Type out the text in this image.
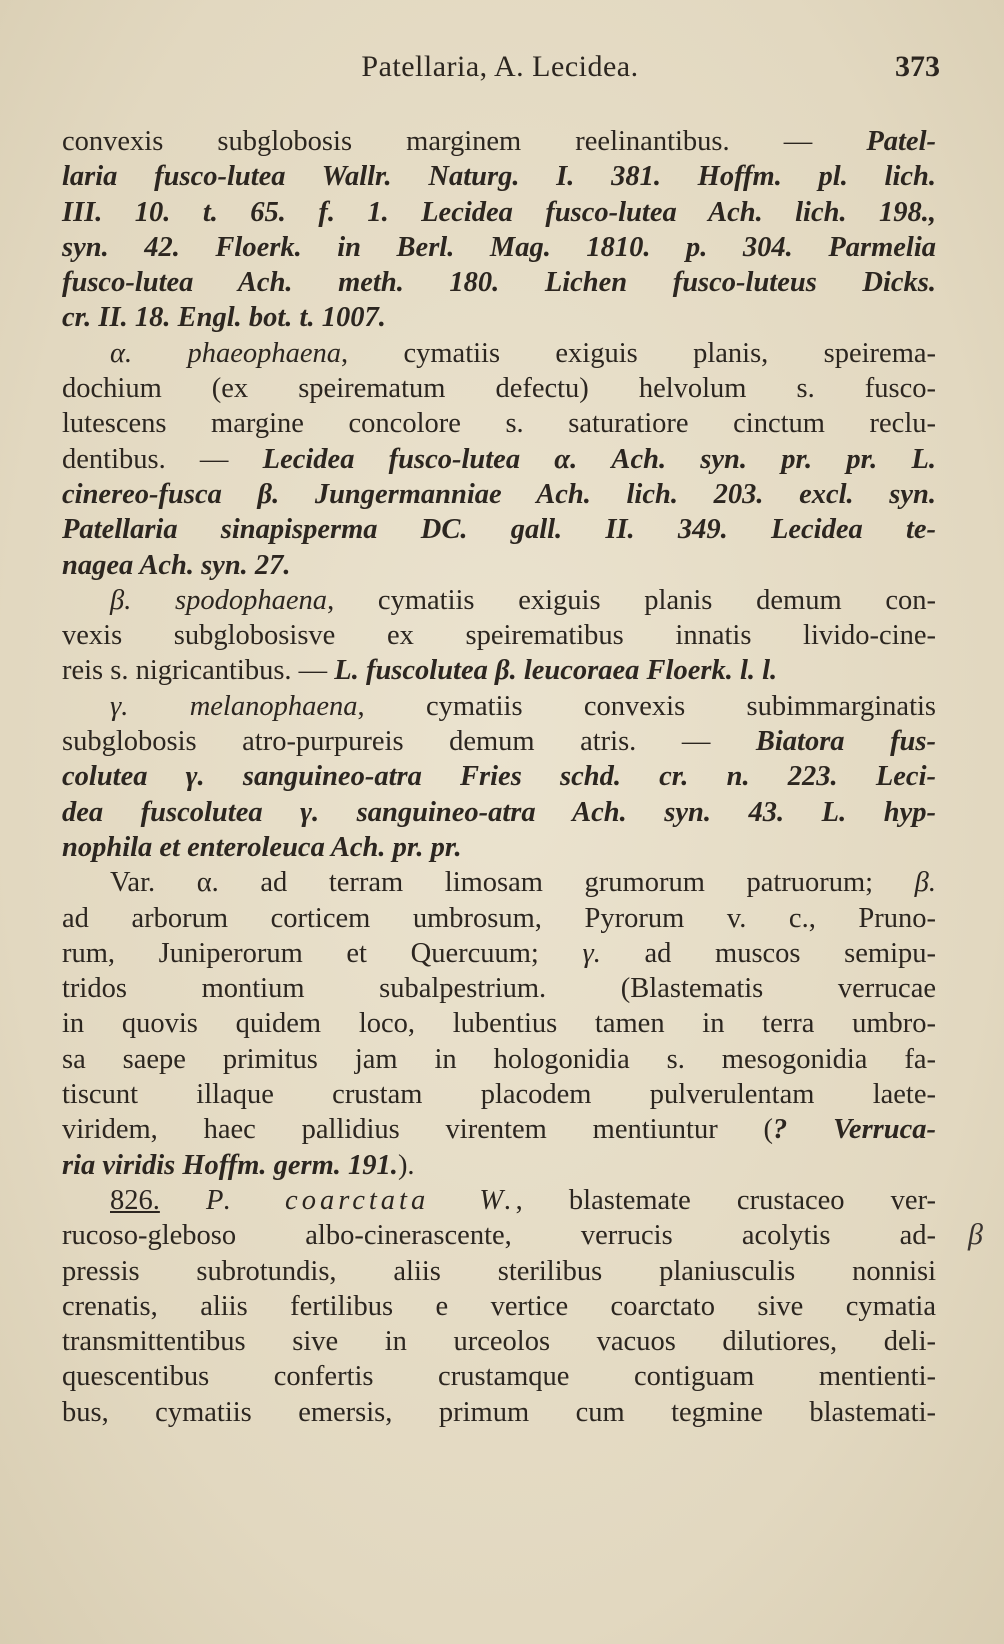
Patellaria, A. Lecidea.	373
β
convexis subglobosis marginem reelinantibus. — Patel-
laria fusco-lutea Wallr. Naturg. I. 381. Hoffm. pl. lich.
III. 10. t. 65. f. 1. Lecidea fusco-lutea Ach. lich. 198.,
syn. 42. Floerk. in Berl. Mag. 1810. p. 304. Parmelia
fusco-lutea Ach. meth. 180. Lichen fusco-luteus Dicks.
cr. II. 18. Engl. bot. t. 1007.
α. phaeophaena, cymatiis exiguis planis, speirema-
dochium (ex speirematum defectu) helvolum s. fusco-
lutescens margine concolore s. saturatiore cinctum reclu-
dentibus. — Lecidea fusco-lutea α. Ach. syn. pr. pr. L.
cinereo-fusca β. Jungermanniae Ach. lich. 203. excl. syn.
Patellaria sinapisperma DC. gall. II. 349. Lecidea te-
nagea Ach. syn. 27.
β. spodophaena, cymatiis exiguis planis demum con-
vexis subglobosisve ex speirematibus innatis livido-cine-
reis s. nigricantibus. — L. fuscolutea β. leucoraea Floerk. l. l.
γ. melanophaena, cymatiis convexis subimmarginatis
subglobosis atro-purpureis demum atris. — Biatora fus-
colutea γ. sanguineo-atra Fries schd. cr. n. 223. Leci-
dea fuscolutea γ. sanguineo-atra Ach. syn. 43. L. hyp-
nophila et enteroleuca Ach. pr. pr.
Var. α. ad terram limosam grumorum patruorum; β.
ad arborum corticem umbrosum, Pyrorum v. c., Pruno-
rum, Juniperorum et Quercuum; γ. ad muscos semipu-
tridos montium subalpestrium. (Blastematis verrucae
in quovis quidem loco, lubentius tamen in terra umbro-
sa saepe primitus jam in hologonidia s. mesogonidia fa-
tiscunt illaque crustam placodem pulverulentam laete-
viridem, haec pallidius virentem mentiuntur (? Verruca-
ria viridis Hoffm. germ. 191.).
826. P. coarctata W., blastemate crustaceo ver-
rucoso-gleboso albo-cinerascente, verrucis acolytis ad-
pressis subrotundis, aliis sterilibus planiusculis nonnisi
crenatis, aliis fertilibus e vertice coarctato sive cymatia
transmittentibus sive in urceolos vacuos dilutiores, deli-
quescentibus confertis crustamque contiguam mentienti-
bus, cymatiis emersis, primum cum tegmine blastemati-
